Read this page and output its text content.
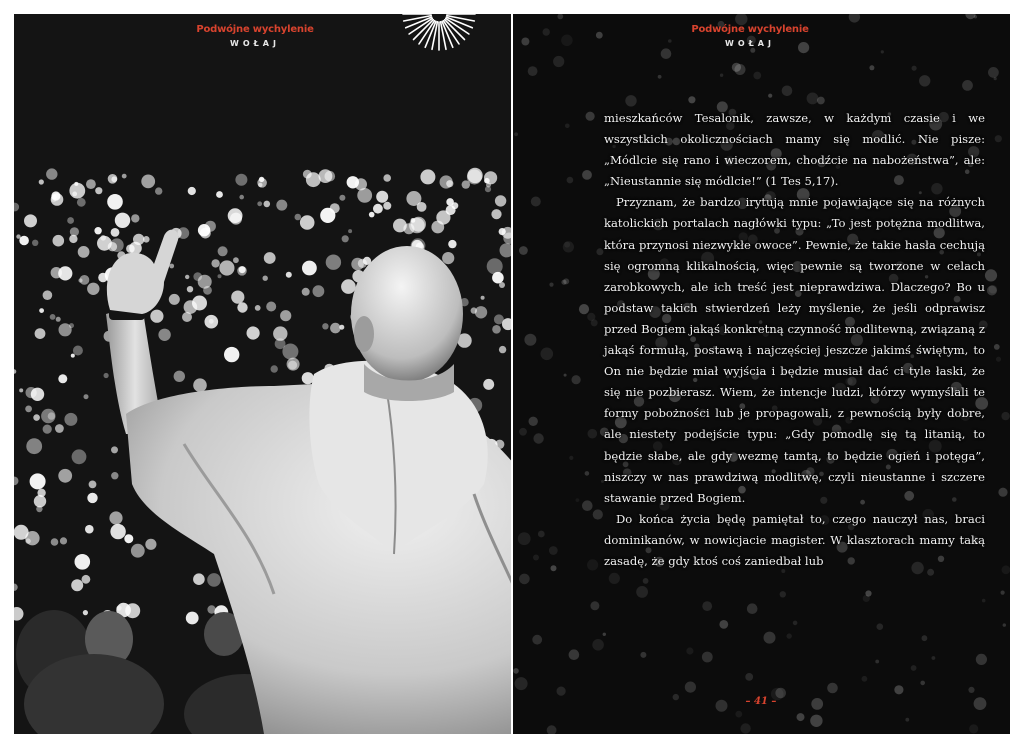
Podwójne wychylenie
WOŁAJ
Podwójne wychylenie
WOŁAJ

mieszkańców Tesalonik, zawsze, w każdym czasie i we wszystkich okolicznościach mamy się modlić. Nie pisze: „Módlcie się rano i wieczorem, chodźcie na nabożeństwa”, ale: „Nieustannie się módlcie!” (1 Tes 5,17).

Przyznam, że bardzo irytują mnie pojawiające się na różnych katolickich portalach nagłówki typu: „To jest potężna modlitwa, która przynosi niezwykłe owoce”. Pewnie, że takie hasła cechują się ogromną klikalnością, więc pewnie są tworzone w celach zarobkowych, ale ich treść jest nieprawdziwa. Dlaczego? Bo u podstaw takich stwierdzeń leży myślenie, że jeśli odprawisz przed Bogiem jakąś konkretną czynność modlitewną, związaną z jakąś formułą, postawą i najczęściej jeszcze jakimś świętym, to On nie będzie miał wyjścia i będzie musiał dać ci tyle łaski, że się nie pozbierasz. Wiem, że intencje ludzi, którzy wymyślali te formy pobożności lub je propagowali, z pewnością były dobre, ale niestety podejście typu: „Gdy pomodlę się tą litanią, to będzie słabe, ale gdy wezmę tamtą, to będzie ogień i potęga”, niszczy w nas prawdziwą modlitwę, czyli nieustanne i szczere stawanie przed Bogiem.

Do końca życia będę pamiętał to, czego nauczył nas, braci dominikanów, w nowicjacie magister. W klasztorach mamy taką zasadę, że gdy ktoś coś zaniedbał lub

– 41 –
